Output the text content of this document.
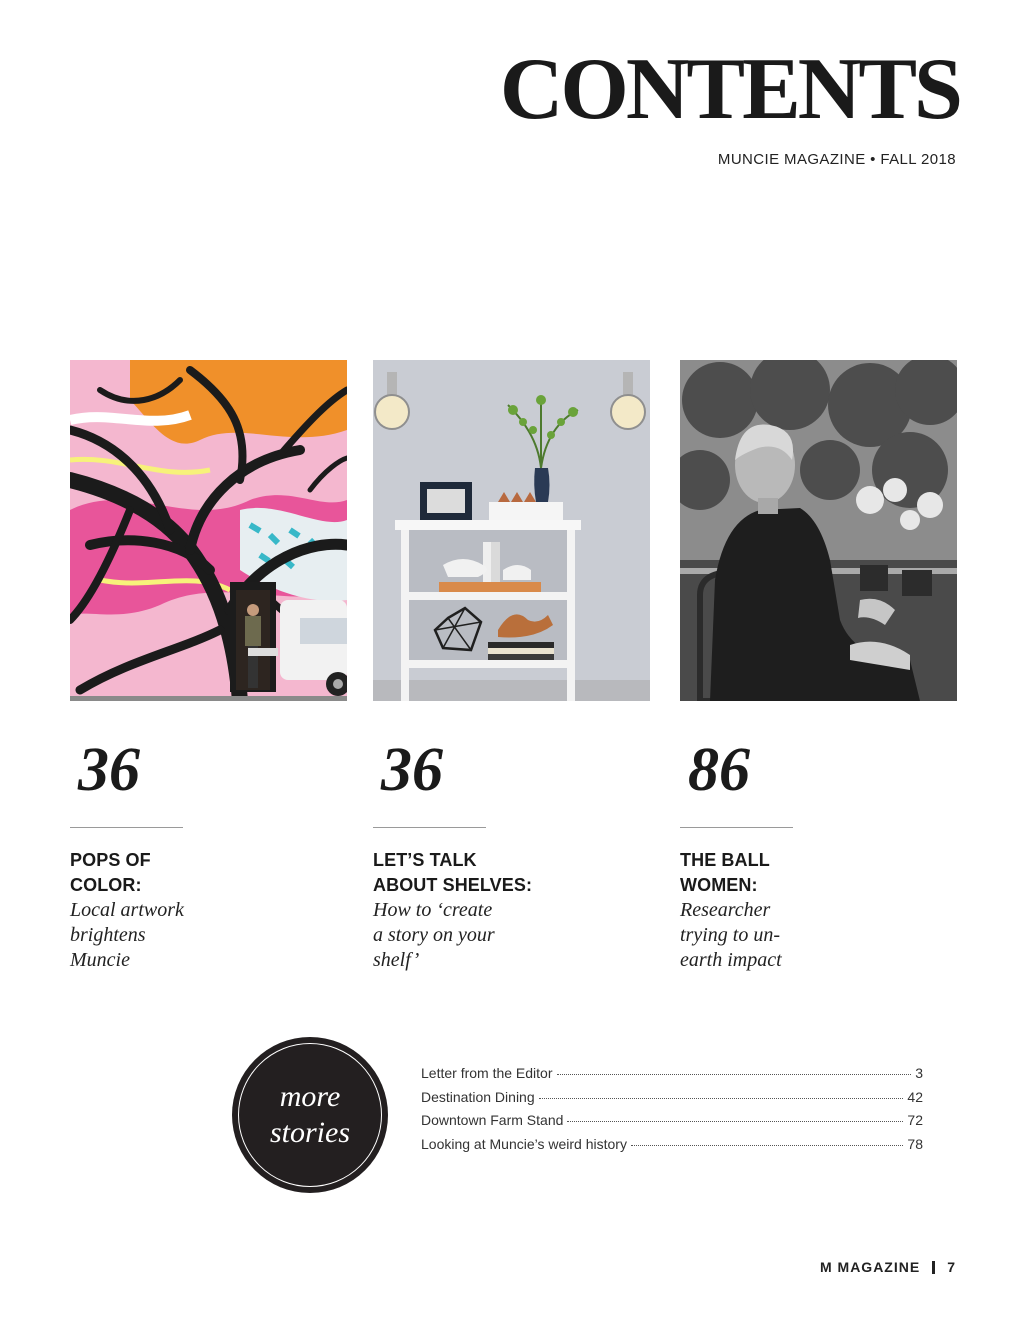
CONTENTS
MUNCIE MAGAZINE • FALL 2018
36
POPS OF
COLOR:
Local artwork
brightens
Muncie
36
LET’S TALK
ABOUT SHELVES:
How to ‘create
a story on your
shelf’
86
THE BALL
WOMEN:
Researcher
trying to un-
earth impact
more
stories
Letter from the Editor	3
Destination Dining	42
Downtown Farm Stand	72
Looking at Muncie’s weird history	78
M MAGAZINE 7
